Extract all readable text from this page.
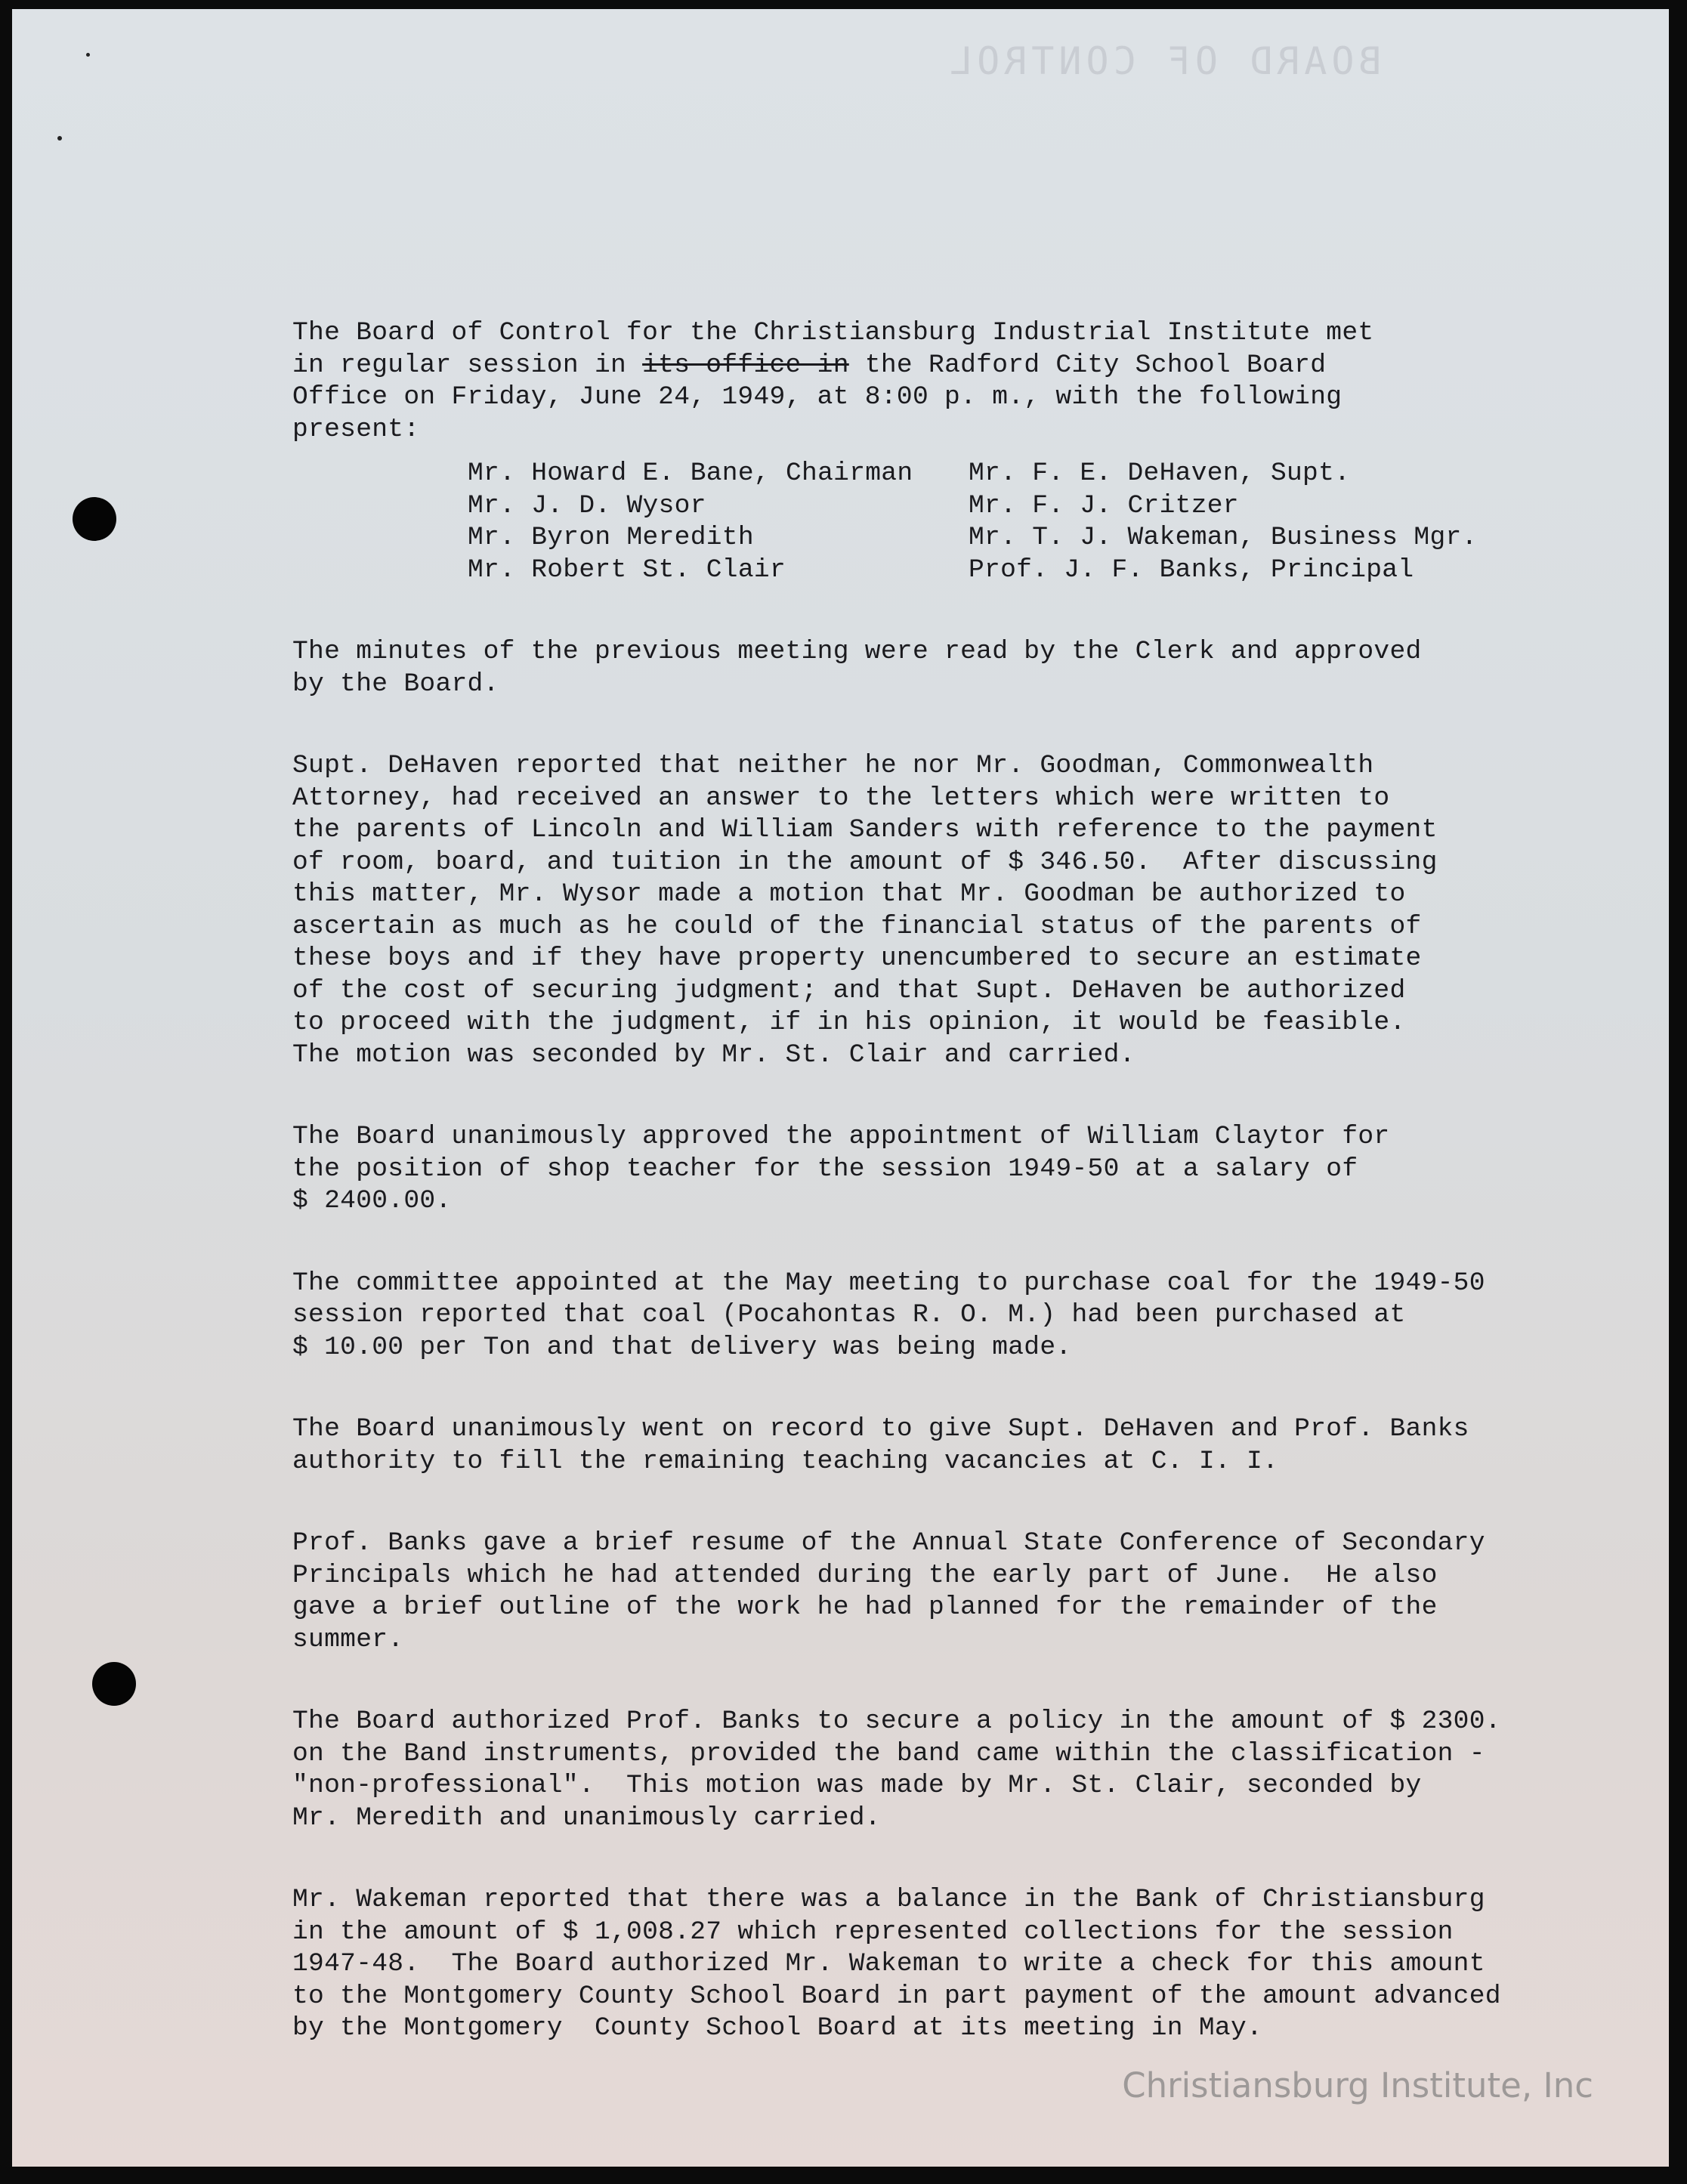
BOARD OF CONTROL
The Board of Control for the Christiansburg Industrial Institute met
in regular session in its office in the Radford City School Board
Office on Friday, June 24, 1949, at 8:00 p. m., with the following
present:
Mr. Howard E. Bane, Chairman
Mr. J. D. Wysor
Mr. Byron Meredith
Mr. Robert St. Clair
Mr. F. E. DeHaven, Supt.
Mr. F. J. Critzer
Mr. T. J. Wakeman, Business Mgr.
Prof. J. F. Banks, Principal
The minutes of the previous meeting were read by the Clerk and approved
by the Board.
Supt. DeHaven reported that neither he nor Mr. Goodman, Commonwealth
Attorney, had received an answer to the letters which were written to
the parents of Lincoln and William Sanders with reference to the payment
of room, board, and tuition in the amount of $ 346.50.  After discussing
this matter, Mr. Wysor made a motion that Mr. Goodman be authorized to
ascertain as much as he could of the financial status of the parents of
these boys and if they have property unencumbered to secure an estimate
of the cost of securing judgment; and that Supt. DeHaven be authorized
to proceed with the judgment, if in his opinion, it would be feasible.
The motion was seconded by Mr. St. Clair and carried.
The Board unanimously approved the appointment of William Claytor for
the position of shop teacher for the session 1949-50 at a salary of
$ 2400.00.
The committee appointed at the May meeting to purchase coal for the 1949-50
session reported that coal (Pocahontas R. O. M.) had been purchased at
$ 10.00 per Ton and that delivery was being made.
The Board unanimously went on record to give Supt. DeHaven and Prof. Banks
authority to fill the remaining teaching vacancies at C. I. I.
Prof. Banks gave a brief resume of the Annual State Conference of Secondary
Principals which he had attended during the early part of June.  He also
gave a brief outline of the work he had planned for the remainder of the
summer.
The Board authorized Prof. Banks to secure a policy in the amount of $ 2300.
on the Band instruments, provided the band came within the classification -
"non-professional".  This motion was made by Mr. St. Clair, seconded by
Mr. Meredith and unanimously carried.
Mr. Wakeman reported that there was a balance in the Bank of Christiansburg
in the amount of $ 1,008.27 which represented collections for the session
1947-48.  The Board authorized Mr. Wakeman to write a check for this amount
to the Montgomery County School Board in part payment of the amount advanced
by the Montgomery  County School Board at its meeting in May.
Christiansburg Institute, Inc
